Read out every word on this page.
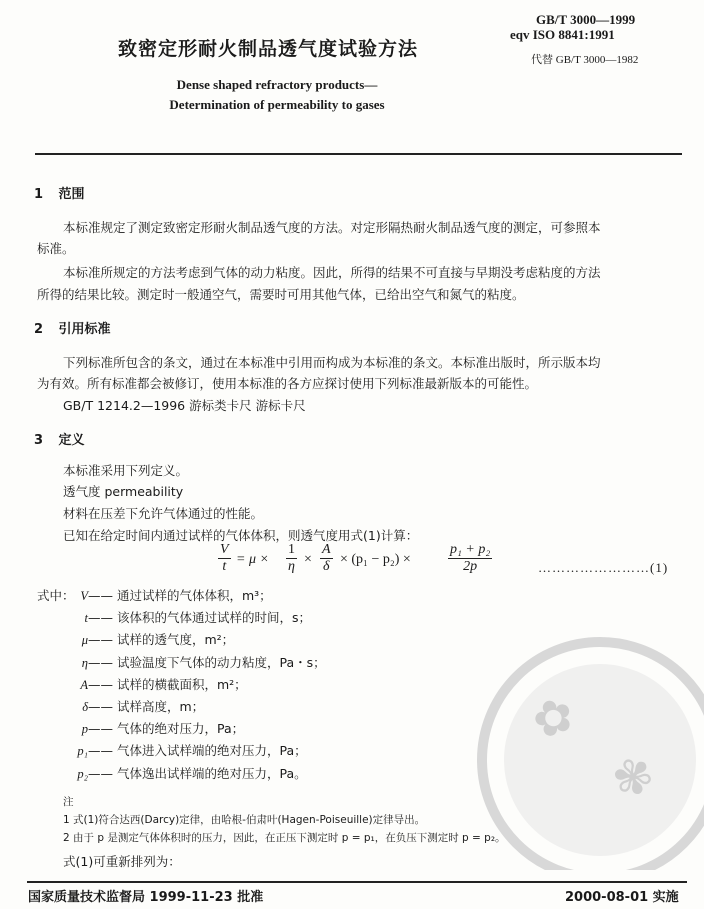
致密定形耐火制品透气度试验方法
GB/T 3000—1999
eqv ISO 8841:1991
代替 GB/T 3000—1982
Dense shaped refractory products—
Determination of permeability to gases
1 范围
本标准规定了测定致密定形耐火制品透气度的方法。对定形隔热耐火制品透气度的测定，可参照本
标准。
本标准所规定的方法考虑到气体的动力粘度。因此，所得的结果不可直接与早期没考虑粘度的方法
所得的结果比较。测定时一般通空气，需要时可用其他气体，已给出空气和氮气的粘度。
2 引用标准
下列标准所包含的条文，通过在本标准中引用而构成为本标准的条文。本标准出版时，所示版本均
为有效。所有标准都会被修订，使用本标准的各方应探讨使用下列标准最新版本的可能性。
GB/T 1214.2—1996 游标类卡尺 游标卡尺
3 定义
本标准采用下列定义。
透气度 permeability
材料在压差下允许气体通过的性能。
已知在给定时间内通过试样的气体体积，则透气度用式(1)计算：
$\frac{V}{t} = \mu \times \frac{1}{\eta} \times \frac{A}{\delta} \times (p_1 - p_2)$ ×	$\frac{\text{p₁ + p₂}}{2p}$	……………………(1)
式中： V—— 通过试样的气体体积，m³；
t—— 该体积的气体通过试样的时间，s；
μ—— 试样的透气度，m²；
η—— 试验温度下气体的动力粘度，Pa・s；
A—— 试样的横截面积，m²；
δ—— 试样高度，m；
p—— 气体的绝对压力，Pa；
p₁—— 气体进入试样端的绝对压力，Pa；
p₂—— 气体逸出试样端的绝对压力，Pa。
注
1 式(1)符合达西(Darcy)定律，由哈根-伯肃叶(Hagen-Poiseuille)定律导出。
2 由于 p 是测定气体体积时的压力，因此，在正压下测定时 p = p₁，在负压下测定时 p = p₂。
式(1)可重新排列为：
✿
✾
国家质量技术监督局 1999-11-23 批准	2000-08-01 实施
